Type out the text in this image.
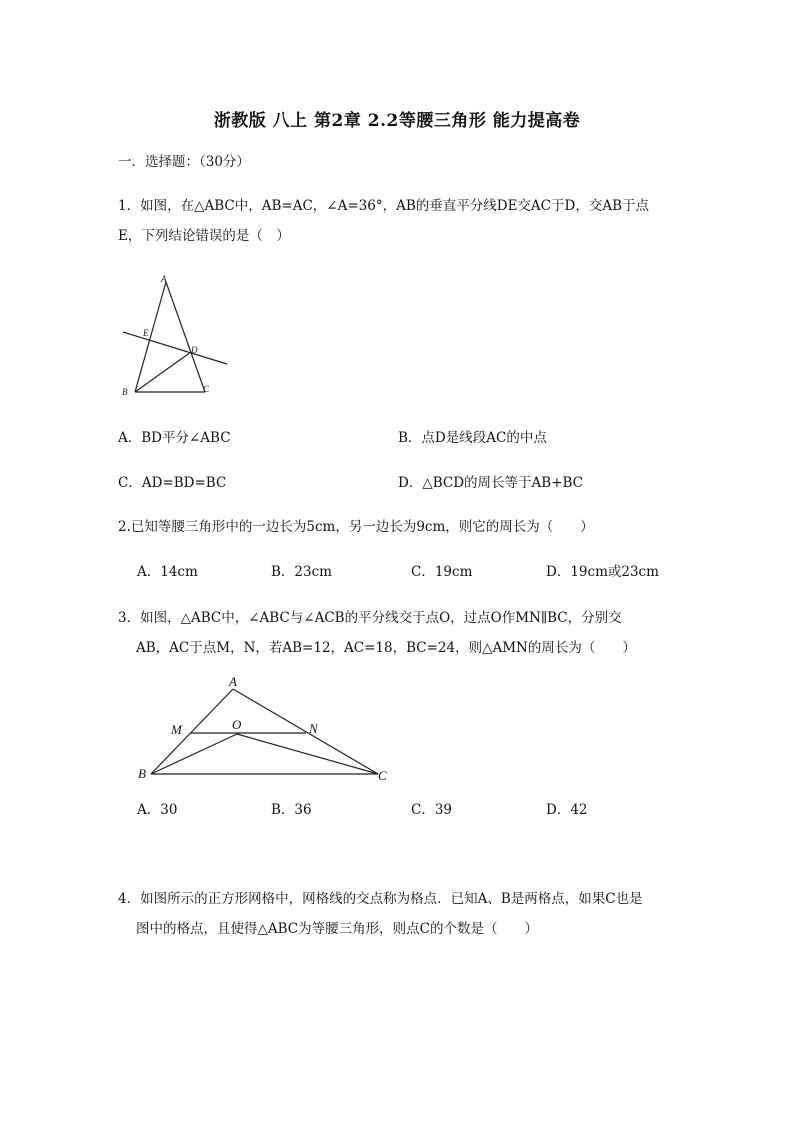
浙教版 八上 第2章 2.2等腰三角形 能力提高卷
一．选择题：（30分）
1．如图，在△ABC中，AB=AC，∠A=36°，AB的垂直平分线DE交AC于D，交AB于点
E，下列结论错误的是（　）
A
E
D
B	C
A．BD平分∠ABC	B．点D是线段AC的中点
C．AD=BD=BC	D．△BCD的周长等于AB+BC
2.已知等腰三角形中的一边长为5cm，另一边长为9cm，则它的周长为（　　）
A．14cm	B．23cm	C．19cm	D．19cm或23cm
3．如图，△ABC中，∠ABC与∠ACB的平分线交于点O，过点O作MN∥BC，分别交
AB，AC于点M，N，若AB=12，AC=18，BC=24，则△AMN的周长为（　　）
A
M	O	N
B	C
A．30	B．36	C．39	D．42
4．如图所示的正方形网格中，网格线的交点称为格点．已知A、B是两格点，如果C也是
图中的格点，且使得△ABC为等腰三角形，则点C的个数是（　　）
